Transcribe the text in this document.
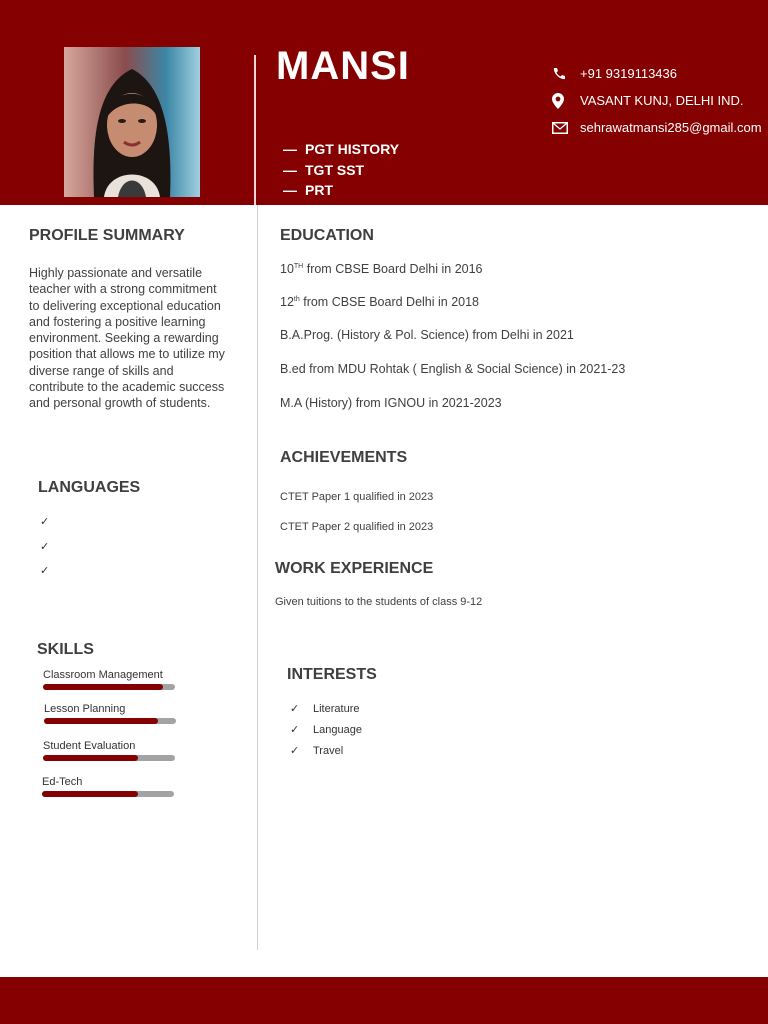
MANSI
— PGT HISTORY
— TGT SST
— PRT
+91 9319113436
VASANT KUNJ, DELHI IND.
sehrawatmansi285@gmail.com
PROFILE SUMMARY
Highly passionate and versatile teacher with a strong commitment to delivering exceptional education and fostering a positive learning environment. Seeking a rewarding position that allows me to utilize my diverse range of skills and contribute to the academic success and personal growth of students.
LANGUAGES
✓
✓
✓
SKILLS
Classroom Management
Lesson Planning
Student Evaluation
Ed-Tech
EDUCATION
10TH from CBSE Board Delhi in 2016
12th from CBSE Board Delhi in 2018
B.A.Prog. (History & Pol. Science) from Delhi in 2021
B.ed from MDU Rohtak ( English & Social Science) in 2021-23
M.A (History) from IGNOU in 2021-2023
ACHIEVEMENTS
CTET Paper 1 qualified in 2023
CTET Paper 2 qualified in 2023
WORK EXPERIENCE
Given tuitions to the students of class 9-12
INTERESTS
✓	Literature
✓	Language
✓	Travel
